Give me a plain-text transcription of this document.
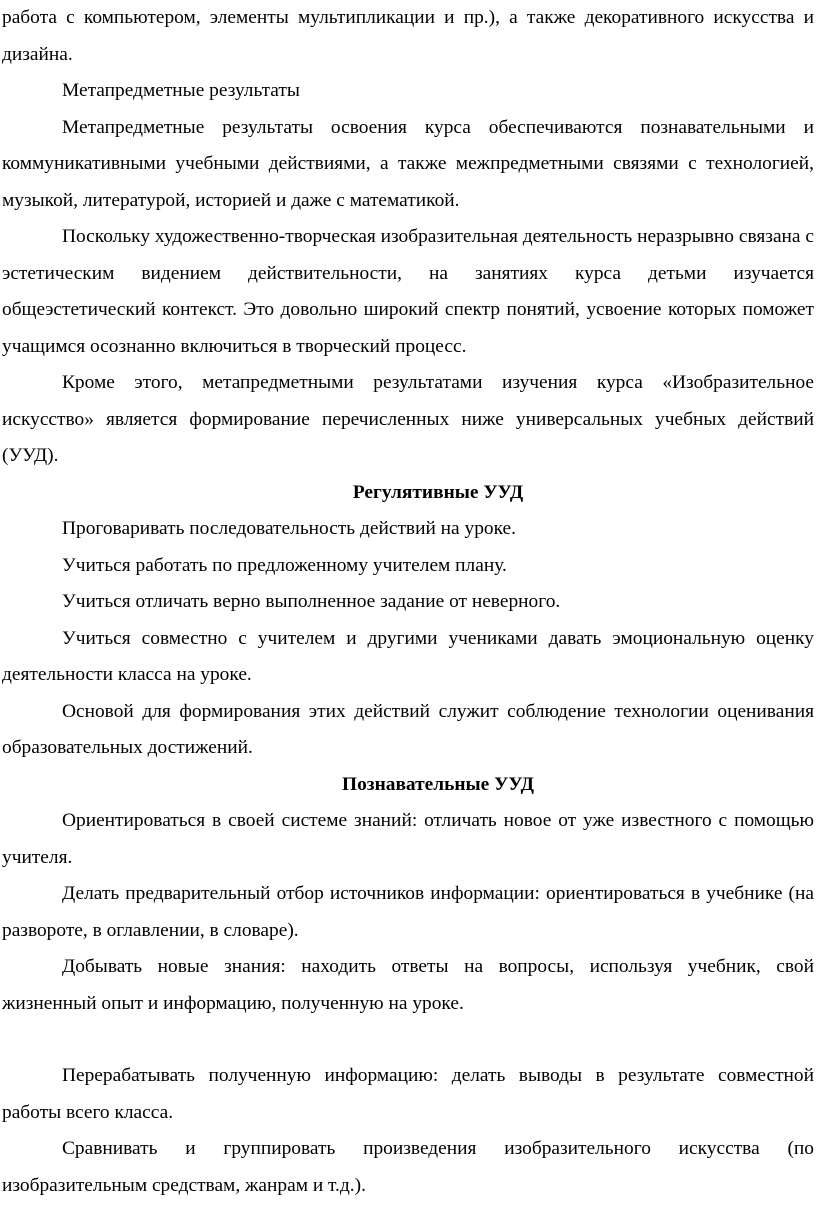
работа с компьютером, элементы мультипликации и пр.), а также декоративного искусства и дизайна.

Метапредметные результаты

Метапредметные результаты освоения курса обеспечиваются познавательными и коммуникативными учебными действиями, а также межпредметными связями с технологией, музыкой, литературой, историей и даже с математикой.

Поскольку художественно-творческая изобразительная деятельность неразрывно связана с эстетическим видением действительности, на занятиях курса детьми изучается общеэстетический контекст. Это довольно широкий спектр понятий, усвоение которых поможет учащимся осознанно включиться в творческий процесс.

Кроме этого, метапредметными результатами изучения курса «Изобразительное искусство» является формирование перечисленных ниже универсальных учебных действий (УУД).

Регулятивные УУД

Проговаривать последовательность действий на уроке.

Учиться работать по предложенному учителем плану.

Учиться отличать верно выполненное задание от неверного.

Учиться совместно с учителем и другими учениками давать эмоциональную оценку деятельности класса на уроке.

Основой для формирования этих действий служит соблюдение технологии оценивания образовательных достижений.

Познавательные УУД

Ориентироваться в своей системе знаний: отличать новое от уже известного с помощью учителя.

Делать предварительный отбор источников информации: ориентироваться в учебнике (на развороте, в оглавлении, в словаре).

Добывать новые знания: находить ответы на вопросы, используя учебник, свой жизненный опыт и информацию, полученную на уроке.

Перерабатывать полученную информацию: делать выводы в результате совместной работы всего класса.

Сравнивать и группировать произведения изобразительного искусства (по изобразительным средствам, жанрам и т.д.).
